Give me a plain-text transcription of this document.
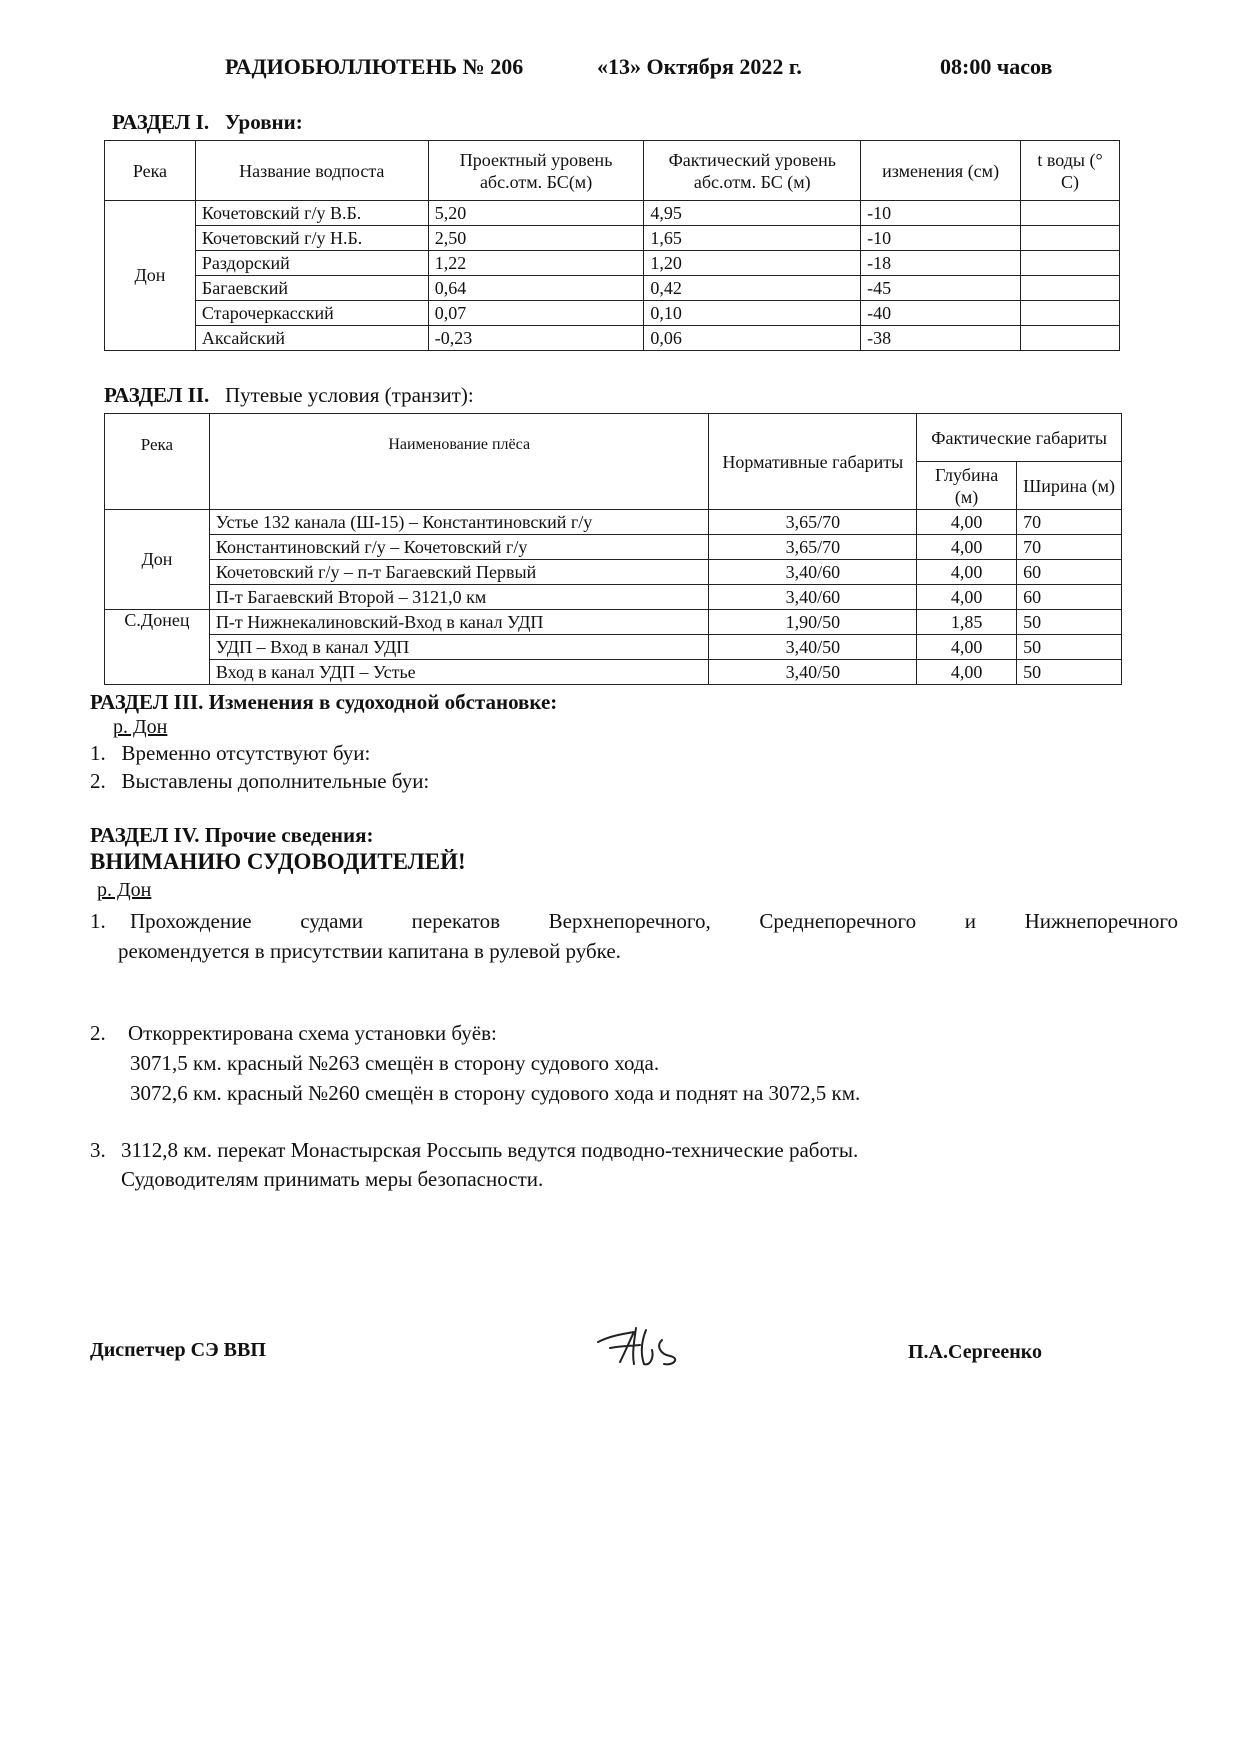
РАДИОБЮЛЛЮТЕНЬ № 206	«13» Октября 2022 г.	08:00 часов
РАЗДЕЛ I. Уровни:
Река	Название водпоста	Проектный уровень абс.отм. БС(м)	Фактический уровень абс.отм. БС (м)	изменения (см)	t воды (° С)
Дон	Кочетовский г/у В.Б.	5,20	4,95	-10	
	Кочетовский г/у Н.Б.	2,50	1,65	-10	
	Раздорский	1,22	1,20	-18	
	Багаевский	0,64	0,42	-45	
	Старочеркасский	0,07	0,10	-40	
	Аксайский	-0,23	0,06	-38	
РАЗДЕЛ II. Путевые условия (транзит):
Река	Наименование плёса	Нормативные габариты	Фактические габариты	
			Глубина (м)	Ширина (м)
Дон	Устье 132 канала (Ш-15) – Константиновский г/у	3,65/70	4,00	70
	Константиновский г/у – Кочетовский г/у	3,65/70	4,00	70
	Кочетовский г/у – п-т Багаевский Первый	3,40/60	4,00	60
	П-т Багаевский Второй – 3121,0 км	3,40/60	4,00	60
С.Донец	П-т Нижнекалиновский-Вход в канал УДП	1,90/50	1,85	50
	УДП – Вход в канал УДП	3,40/50	4,00	50
	Вход в канал УДП – Устье	3,40/50	4,00	50
РАЗДЕЛ III. Изменения в судоходной обстановке:
р. Дон
1. Временно отсутствуют буи:
2. Выставлены дополнительные буи:
РАЗДЕЛ IV. Прочие сведения:
ВНИМАНИЮ СУДОВОДИТЕЛЕЙ!
р. Дон
1. Прохождение судами перекатов Верхнепоречного, Среднепоречного и Нижнепоречного
рекомендуется в присутствии капитана в рулевой рубке.
2. Откорректирована схема установки буёв:
3071,5 км. красный №263 смещён в сторону судового хода.
3072,6 км. красный №260 смещён в сторону судового хода и поднят на 3072,5 км.
3. 3112,8 км. перекат Монастырская Россыпь ведутся подводно-технические работы.
Судоводителям принимать меры безопасности.
Диспетчер СЭ ВВП	П.А.Сергеенко
